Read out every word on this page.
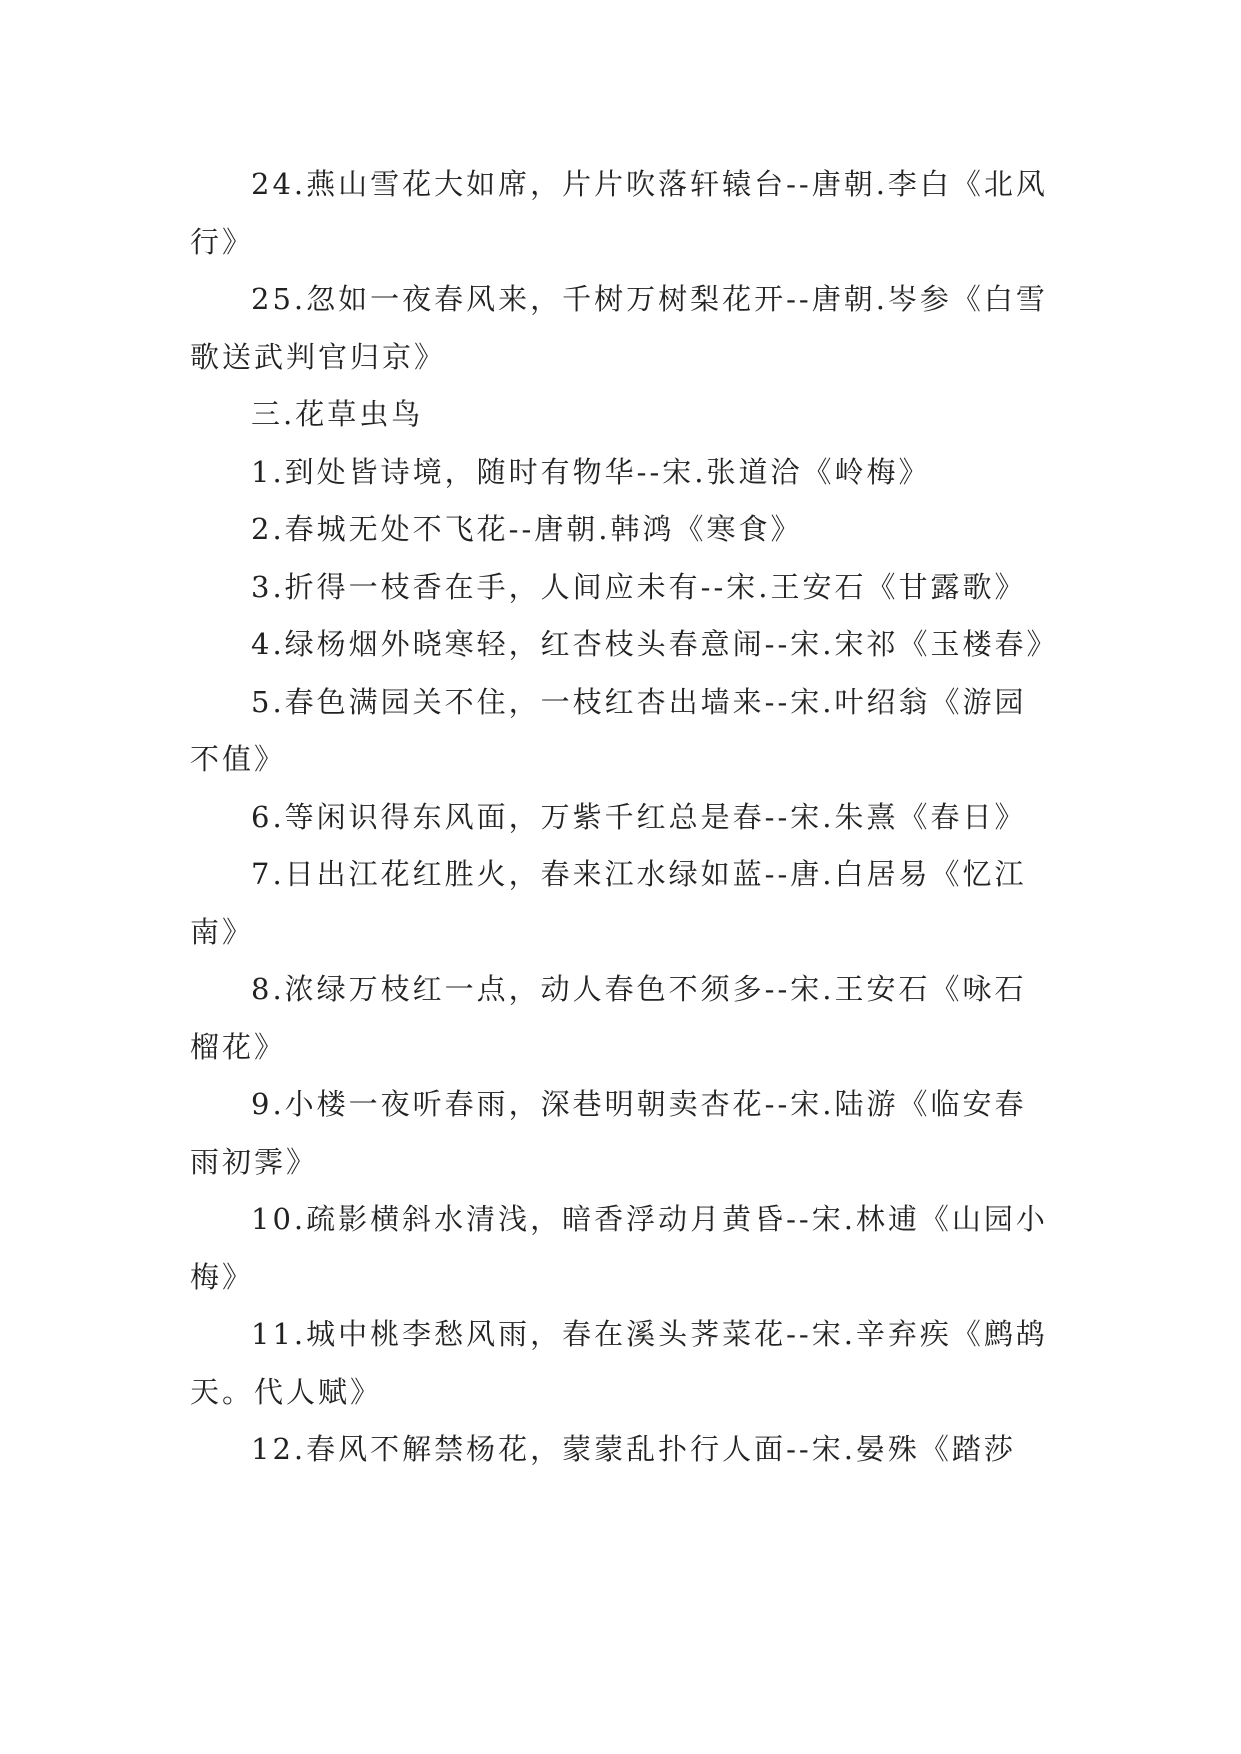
24.燕山雪花大如席，片片吹落轩辕台--唐朝.李白《北风行》

25.忽如一夜春风来，千树万树梨花开--唐朝.岑参《白雪歌送武判官归京》

三.花草虫鸟

1.到处皆诗境，随时有物华--宋.张道洽《岭梅》

2.春城无处不飞花--唐朝.韩鸿《寒食》

3.折得一枝香在手，人间应未有--宋.王安石《甘露歌》

4.绿杨烟外晓寒轻，红杏枝头春意闹--宋.宋祁《玉楼春》

5.春色满园关不住，一枝红杏出墙来--宋.叶绍翁《游园不值》

6.等闲识得东风面，万紫千红总是春--宋.朱熹《春日》

7.日出江花红胜火，春来江水绿如蓝--唐.白居易《忆江南》

8.浓绿万枝红一点，动人春色不须多--宋.王安石《咏石榴花》

9.小楼一夜听春雨，深巷明朝卖杏花--宋.陆游《临安春雨初霁》

10.疏影横斜水清浅，暗香浮动月黄昏--宋.林逋《山园小梅》

11.城中桃李愁风雨，春在溪头荠菜花--宋.辛弃疾《鹧鸪天。代人赋》

12.春风不解禁杨花，蒙蒙乱扑行人面--宋.晏殊《踏莎
